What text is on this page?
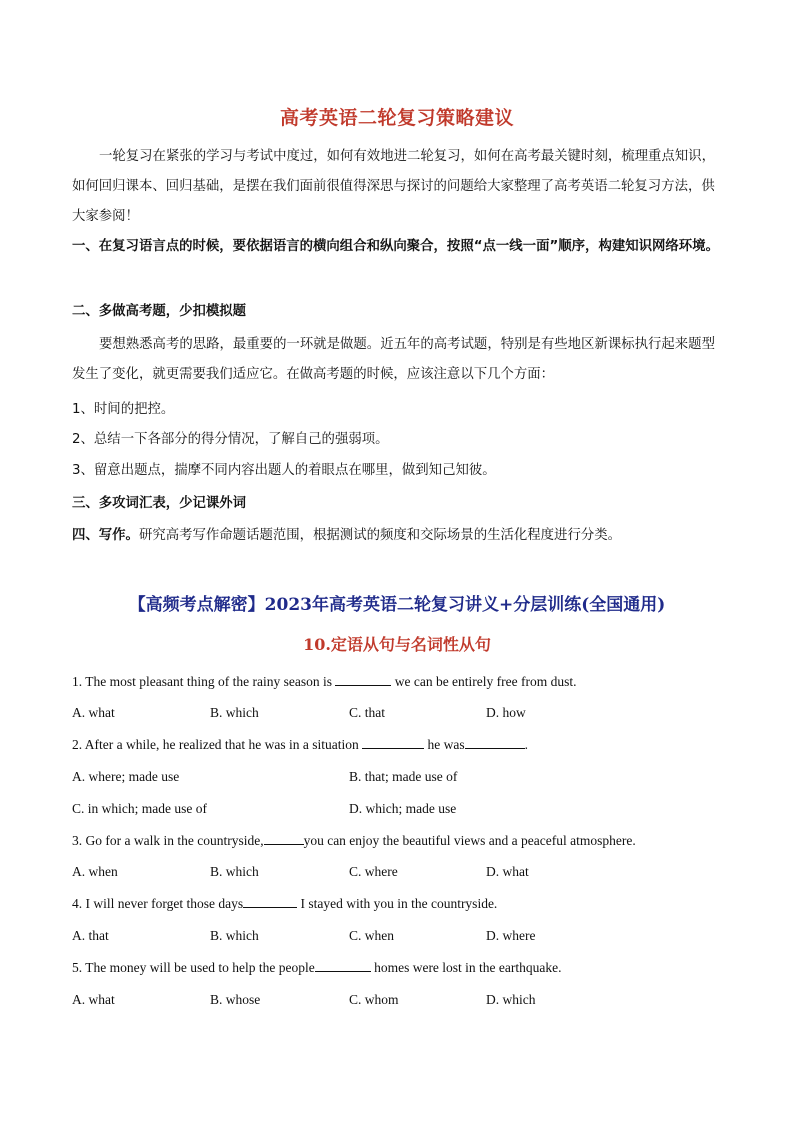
高考英语二轮复习策略建议

一轮复习在紧张的学习与考试中度过，如何有效地进二轮复习，如何在高考最关键时刻，梳理重点知识，如何回归课本、回归基础，是摆在我们面前很值得深思与探讨的问题给大家整理了高考英语二轮复习方法，供大家参阅！

一、在复习语言点的时候，要依据语言的横向组合和纵向聚合，按照“点一线一面”顺序，构建知识网络环境。

二、多做高考题，少扣模拟题

要想熟悉高考的思路，最重要的一环就是做题。近五年的高考试题，特别是有些地区新课标执行起来题型发生了变化，就更需要我们适应它。在做高考题的时候，应该注意以下几个方面：

1、时间的把控。

2、总结一下各部分的得分情况，了解自己的强弱项。

3、留意出题点，揣摩不同内容出题人的着眼点在哪里，做到知己知彼。

三、多攻词汇表，少记课外词

四、写作。研究高考写作命题话题范围，根据测试的频度和交际场景的生活化程度进行分类。

【高频考点解密】2023年高考英语二轮复习讲义+分层训练(全国通用)

10.定语从句与名词性从句

1. The most pleasant thing of the rainy season is	we can be entirely free from dust.

A. what	B. which	C. that	D. how

2. After a while, he realized that he was in a situation	he was	.

A. where; made use	B. that; made use of
C. in which; made use of	D. which; made use

3. Go for a walk in the countryside,	you can enjoy the beautiful views and a peaceful atmosphere.

A. when	B. which	C. where	D. what

4. I will never forget those days	I stayed with you in the countryside.

A. that	B. which	C. when	D. where

5. The money will be used to help the people	homes were lost in the earthquake.

A. what	B. whose	C. whom	D. which
